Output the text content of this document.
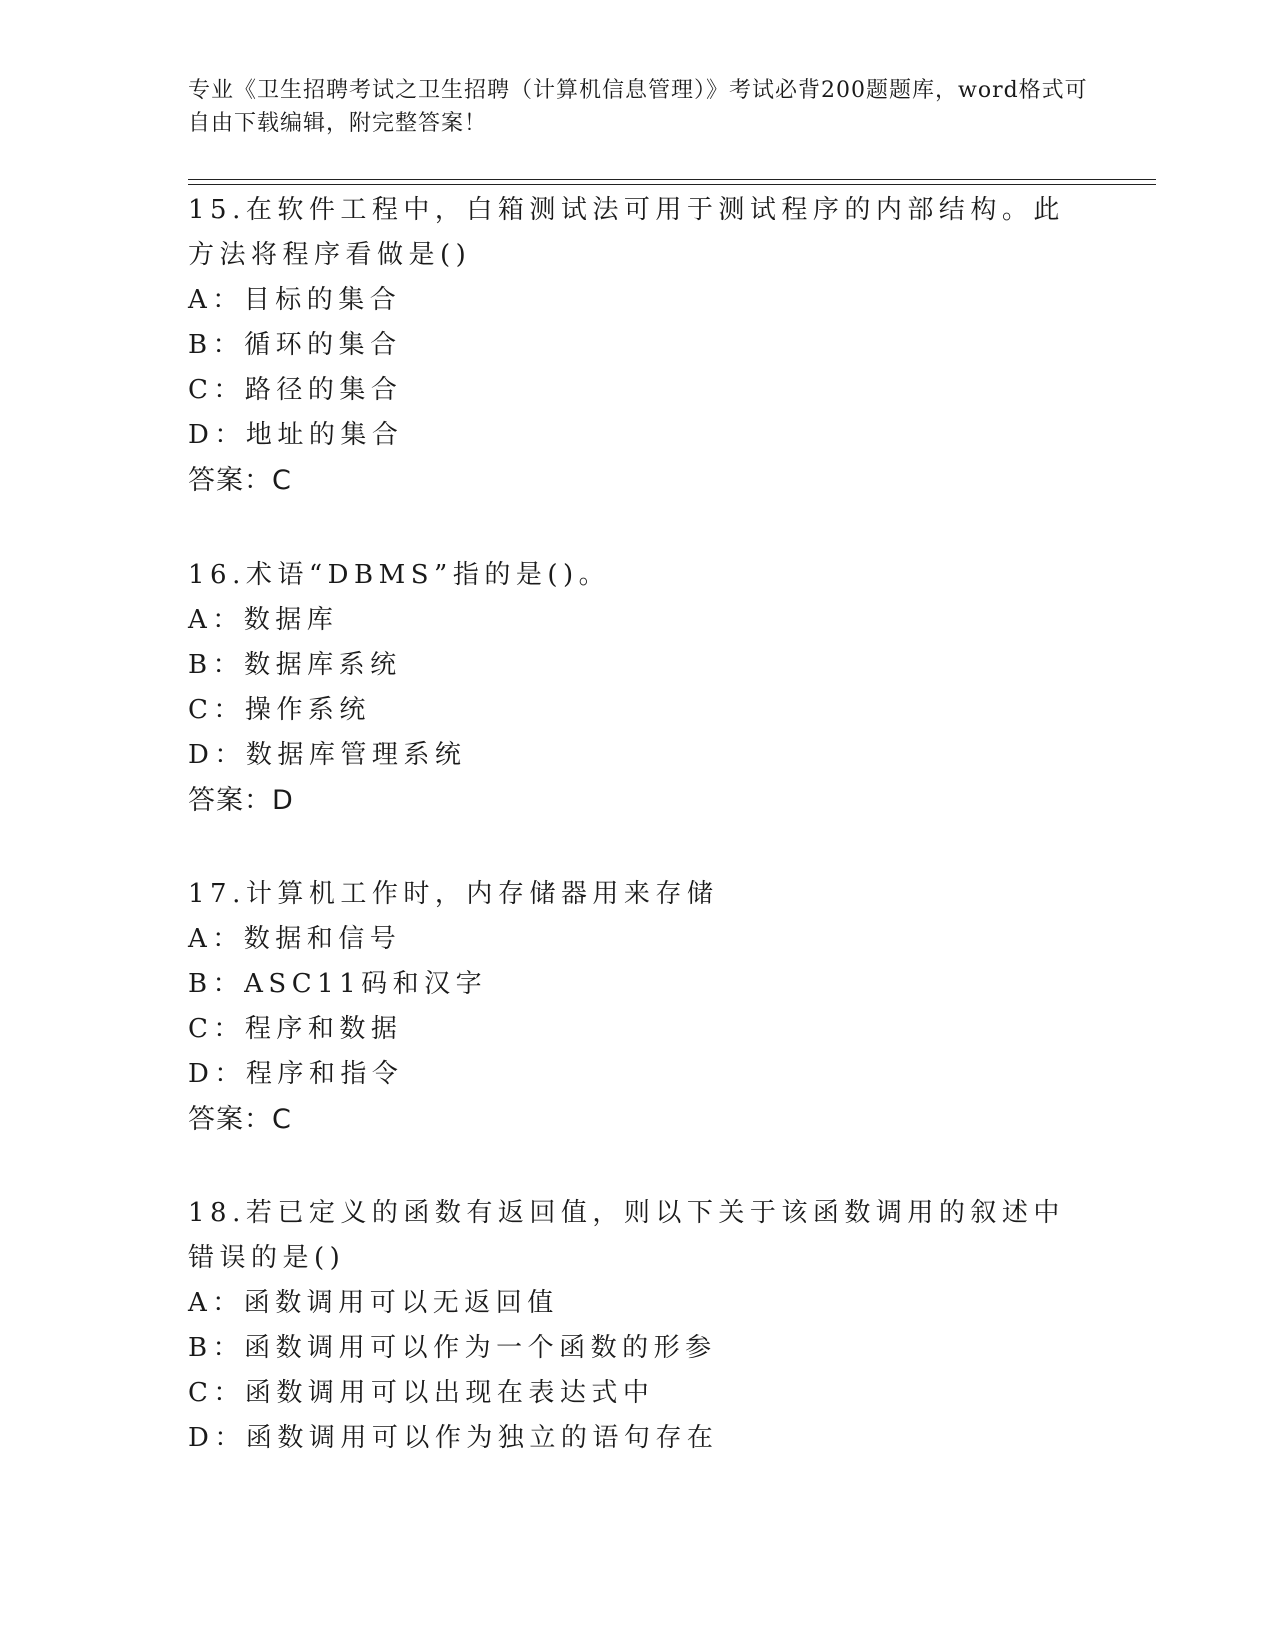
专业《卫生招聘考试之卫生招聘（计算机信息管理）》考试必背200题题库，word格式可自由下载编辑，附完整答案！
15.在软件工程中，白箱测试法可用于测试程序的内部结构。此方法将程序看做是()
A：目标的集合
B：循环的集合
C：路径的集合
D：地址的集合
答案：C
16.术语“DBMS”指的是()。
A：数据库
B：数据库系统
C：操作系统
D：数据库管理系统
答案：D
17.计算机工作时，内存储器用来存储
A：数据和信号
B：ASC11码和汉字
C：程序和数据
D：程序和指令
答案：C
18.若已定义的函数有返回值，则以下关于该函数调用的叙述中错误的是()
A：函数调用可以无返回值
B：函数调用可以作为一个函数的形参
C：函数调用可以出现在表达式中
D：函数调用可以作为独立的语句存在
